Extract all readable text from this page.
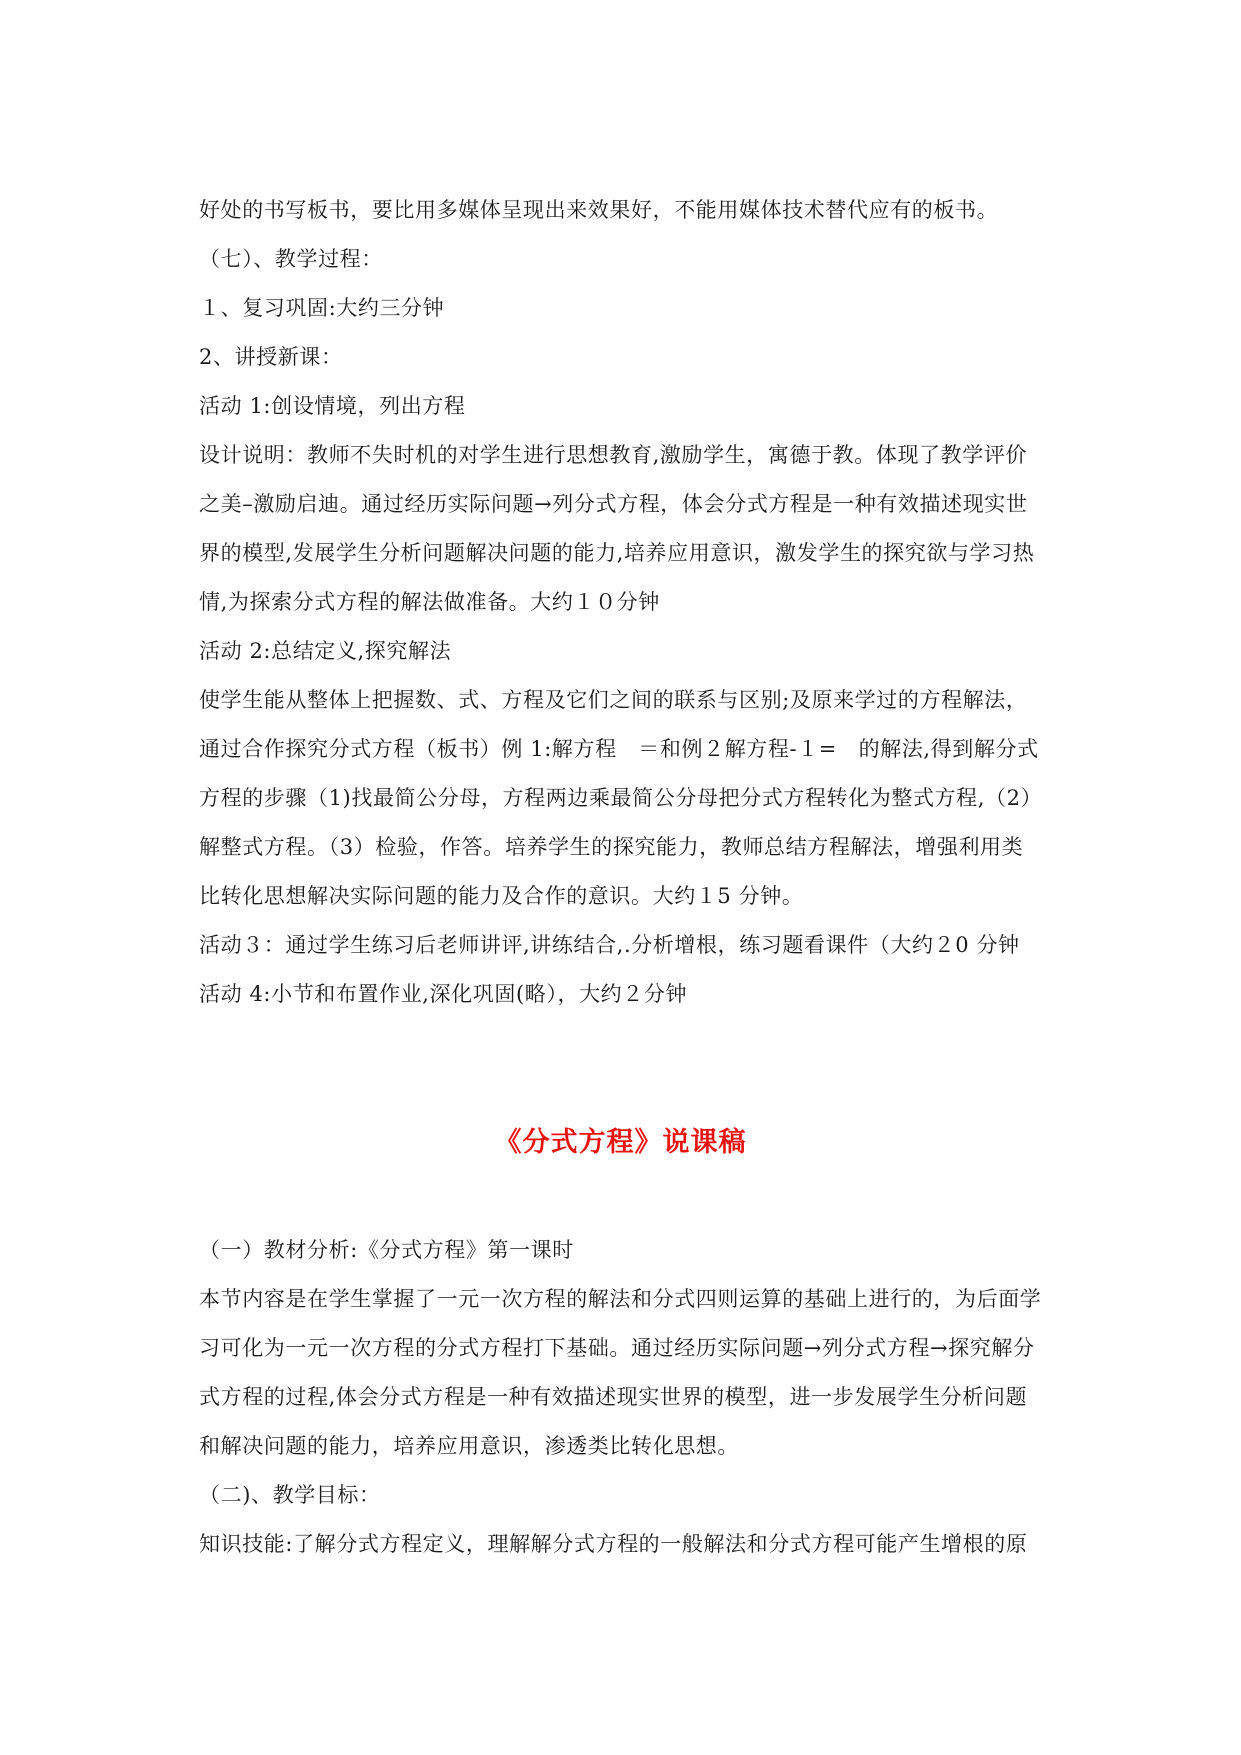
好处的书写板书，要比用多媒体呈现出来效果好，不能用媒体技术替代应有的板书。
（七）、教学过程：
１、复习巩固:大约三分钟
2、讲授新课：
活动 1:创设情境，列出方程
设计说明：教师不失时机的对学生进行思想教育,激励学生，寓德于教。体现了教学评价
之美–激励启迪。通过经历实际问题→列分式方程，体会分式方程是一种有效描述现实世
界的模型,发展学生分析问题解决问题的能力,培养应用意识，激发学生的探究欲与学习热
情,为探索分式方程的解法做准备。大约１０分钟
活动 2:总结定义,探究解法
使学生能从整体上把握数、式、方程及它们之间的联系与区别;及原来学过的方程解法，
通过合作探究分式方程（板书）例 1:解方程　＝和例２解方程-１=　的解法,得到解分式
方程的步骤（1)找最简公分母，方程两边乘最简公分母把分式方程转化为整式方程,（2）
解整式方程。（3）检验，作答。培养学生的探究能力，教师总结方程解法，增强利用类
比转化思想解决实际问题的能力及合作的意识。大约１5 分钟。
活动３：通过学生练习后老师讲评,讲练结合,.分析增根，练习题看课件（大约２0 分钟
活动 4:小节和布置作业,深化巩固(略），大约２分钟
《分式方程》说课稿
（一）教材分析:《分式方程》第一课时
本节内容是在学生掌握了一元一次方程的解法和分式四则运算的基础上进行的，为后面学
习可化为一元一次方程的分式方程打下基础。通过经历实际问题→列分式方程→探究解分
式方程的过程,体会分式方程是一种有效描述现实世界的模型，进一步发展学生分析问题
和解决问题的能力，培养应用意识，渗透类比转化思想。
（二)、教学目标：
知识技能:了解分式方程定义，理解解分式方程的一般解法和分式方程可能产生增根的原
